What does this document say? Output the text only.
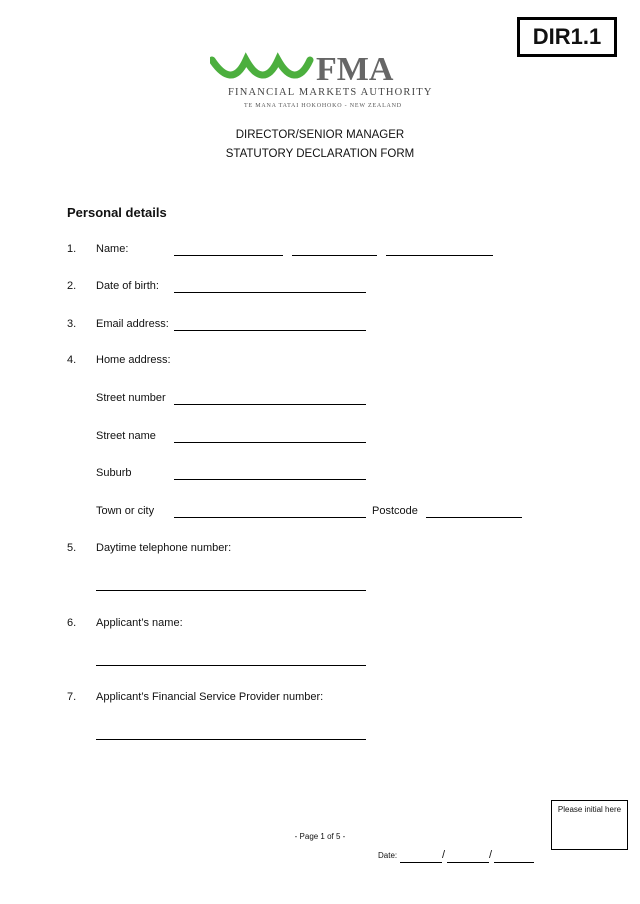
DIR1.1
FMA
FINANCIAL MARKETS AUTHORITY
TE MANA TATAI HOKOHOKO - NEW ZEALAND
DIRECTOR/SENIOR MANAGER
STATUTORY DECLARATION FORM
Personal details
1. Name:
2. Date of birth:
3. Email address:
4. Home address:
Street number
Street name
Suburb
Town or city	Postcode
5. Daytime telephone number:
6. Applicant’s name:
7. Applicant’s Financial Service Provider number:
Please initial here
- Page 1 of 5 -
Date:	/	/
